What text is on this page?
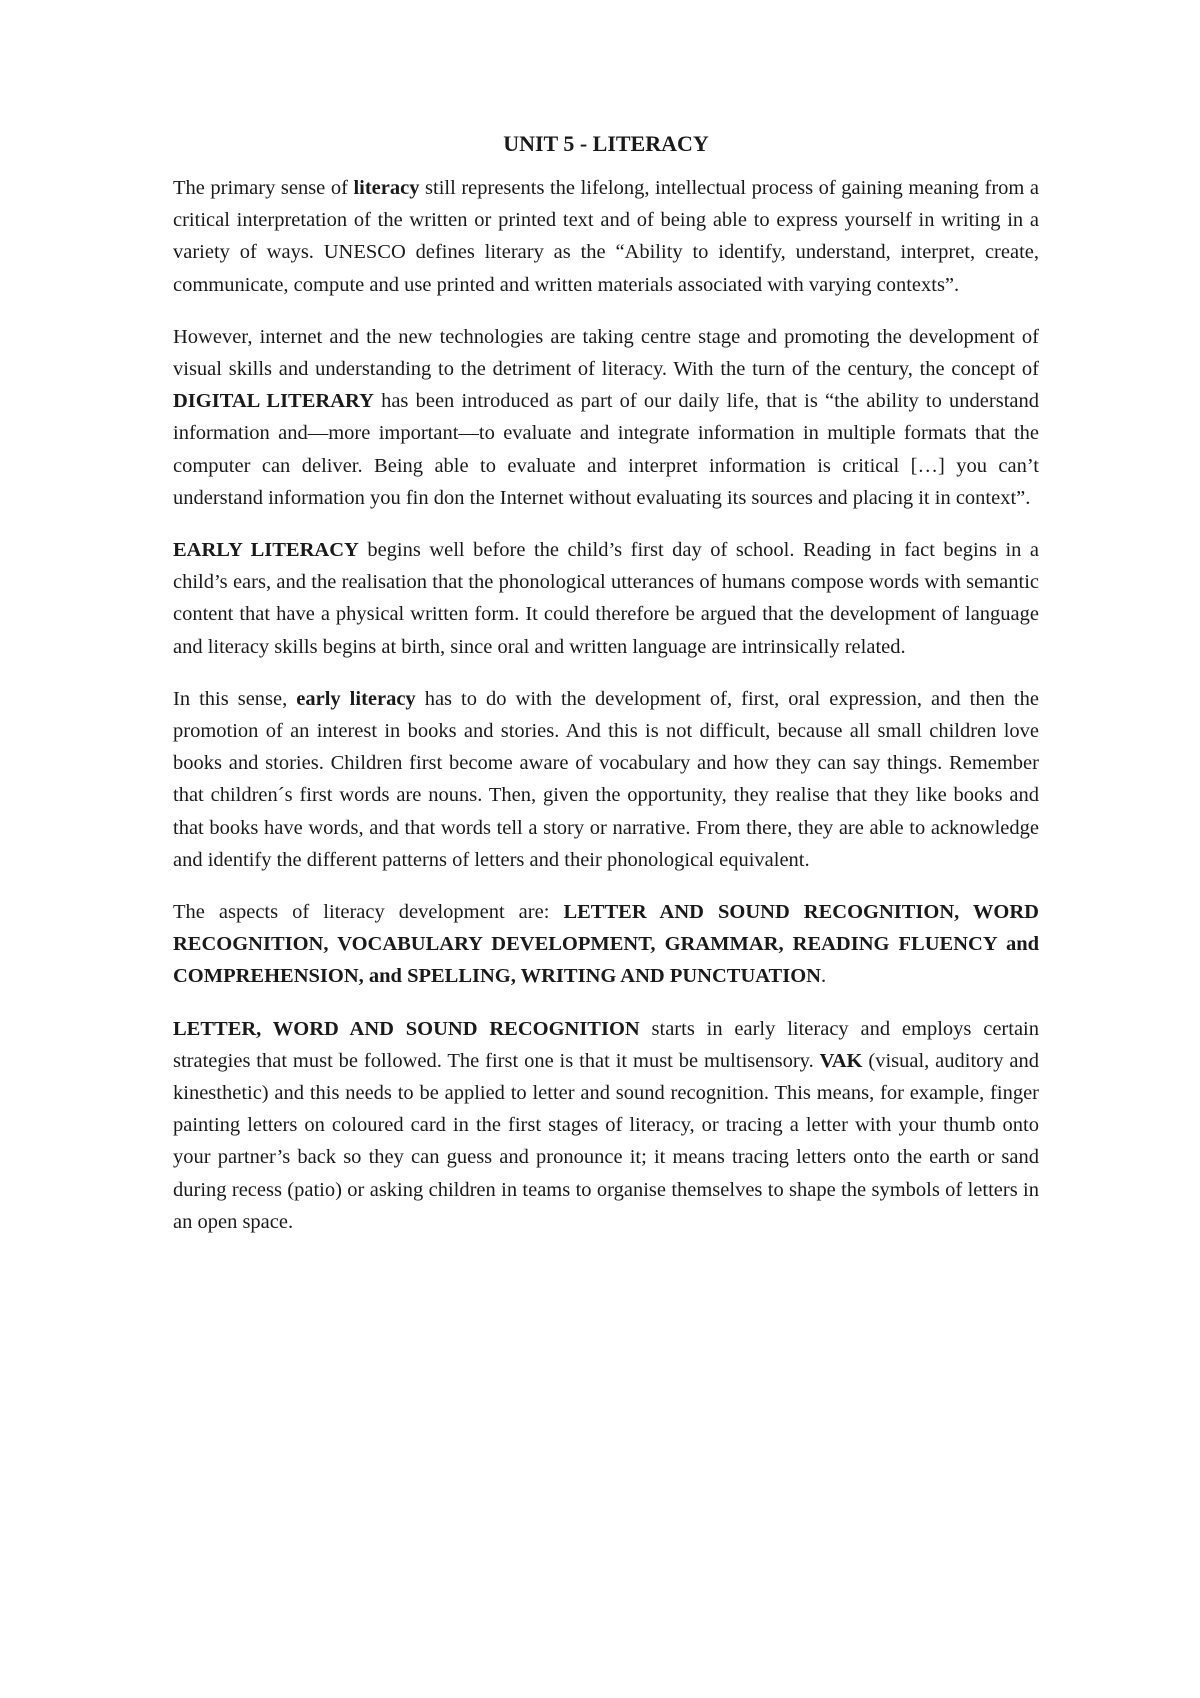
UNIT 5 - LITERACY

The primary sense of literacy still represents the lifelong, intellectual process of gaining meaning from a critical interpretation of the written or printed text and of being able to express yourself in writing in a variety of ways. UNESCO defines literary as the “Ability to identify, understand, interpret, create, communicate, compute and use printed and written materials associated with varying contexts”.

However, internet and the new technologies are taking centre stage and promoting the development of visual skills and understanding to the detriment of literacy. With the turn of the century, the concept of DIGITAL LITERARY has been introduced as part of our daily life, that is “the ability to understand information and—more important—to evaluate and integrate information in multiple formats that the computer can deliver. Being able to evaluate and interpret information is critical […] you can’t understand information you fin don the Internet without evaluating its sources and placing it in context”.

EARLY LITERACY begins well before the child’s first day of school. Reading in fact begins in a child’s ears, and the realisation that the phonological utterances of humans compose words with semantic content that have a physical written form. It could therefore be argued that the development of language and literacy skills begins at birth, since oral and written language are intrinsically related.

In this sense, early literacy has to do with the development of, first, oral expression, and then the promotion of an interest in books and stories. And this is not difficult, because all small children love books and stories. Children first become aware of vocabulary and how they can say things. Remember that children´s first words are nouns. Then, given the opportunity, they realise that they like books and that books have words, and that words tell a story or narrative. From there, they are able to acknowledge and identify the different patterns of letters and their phonological equivalent.

The aspects of literacy development are: LETTER AND SOUND RECOGNITION, WORD RECOGNITION, VOCABULARY DEVELOPMENT, GRAMMAR, READING FLUENCY and COMPREHENSION, and SPELLING, WRITING AND PUNCTUATION.

LETTER, WORD AND SOUND RECOGNITION starts in early literacy and employs certain strategies that must be followed. The first one is that it must be multisensory. VAK (visual, auditory and kinesthetic) and this needs to be applied to letter and sound recognition. This means, for example, finger painting letters on coloured card in the first stages of literacy, or tracing a letter with your thumb onto your partner’s back so they can guess and pronounce it; it means tracing letters onto the earth or sand during recess (patio) or asking children in teams to organise themselves to shape the symbols of letters in an open space.
